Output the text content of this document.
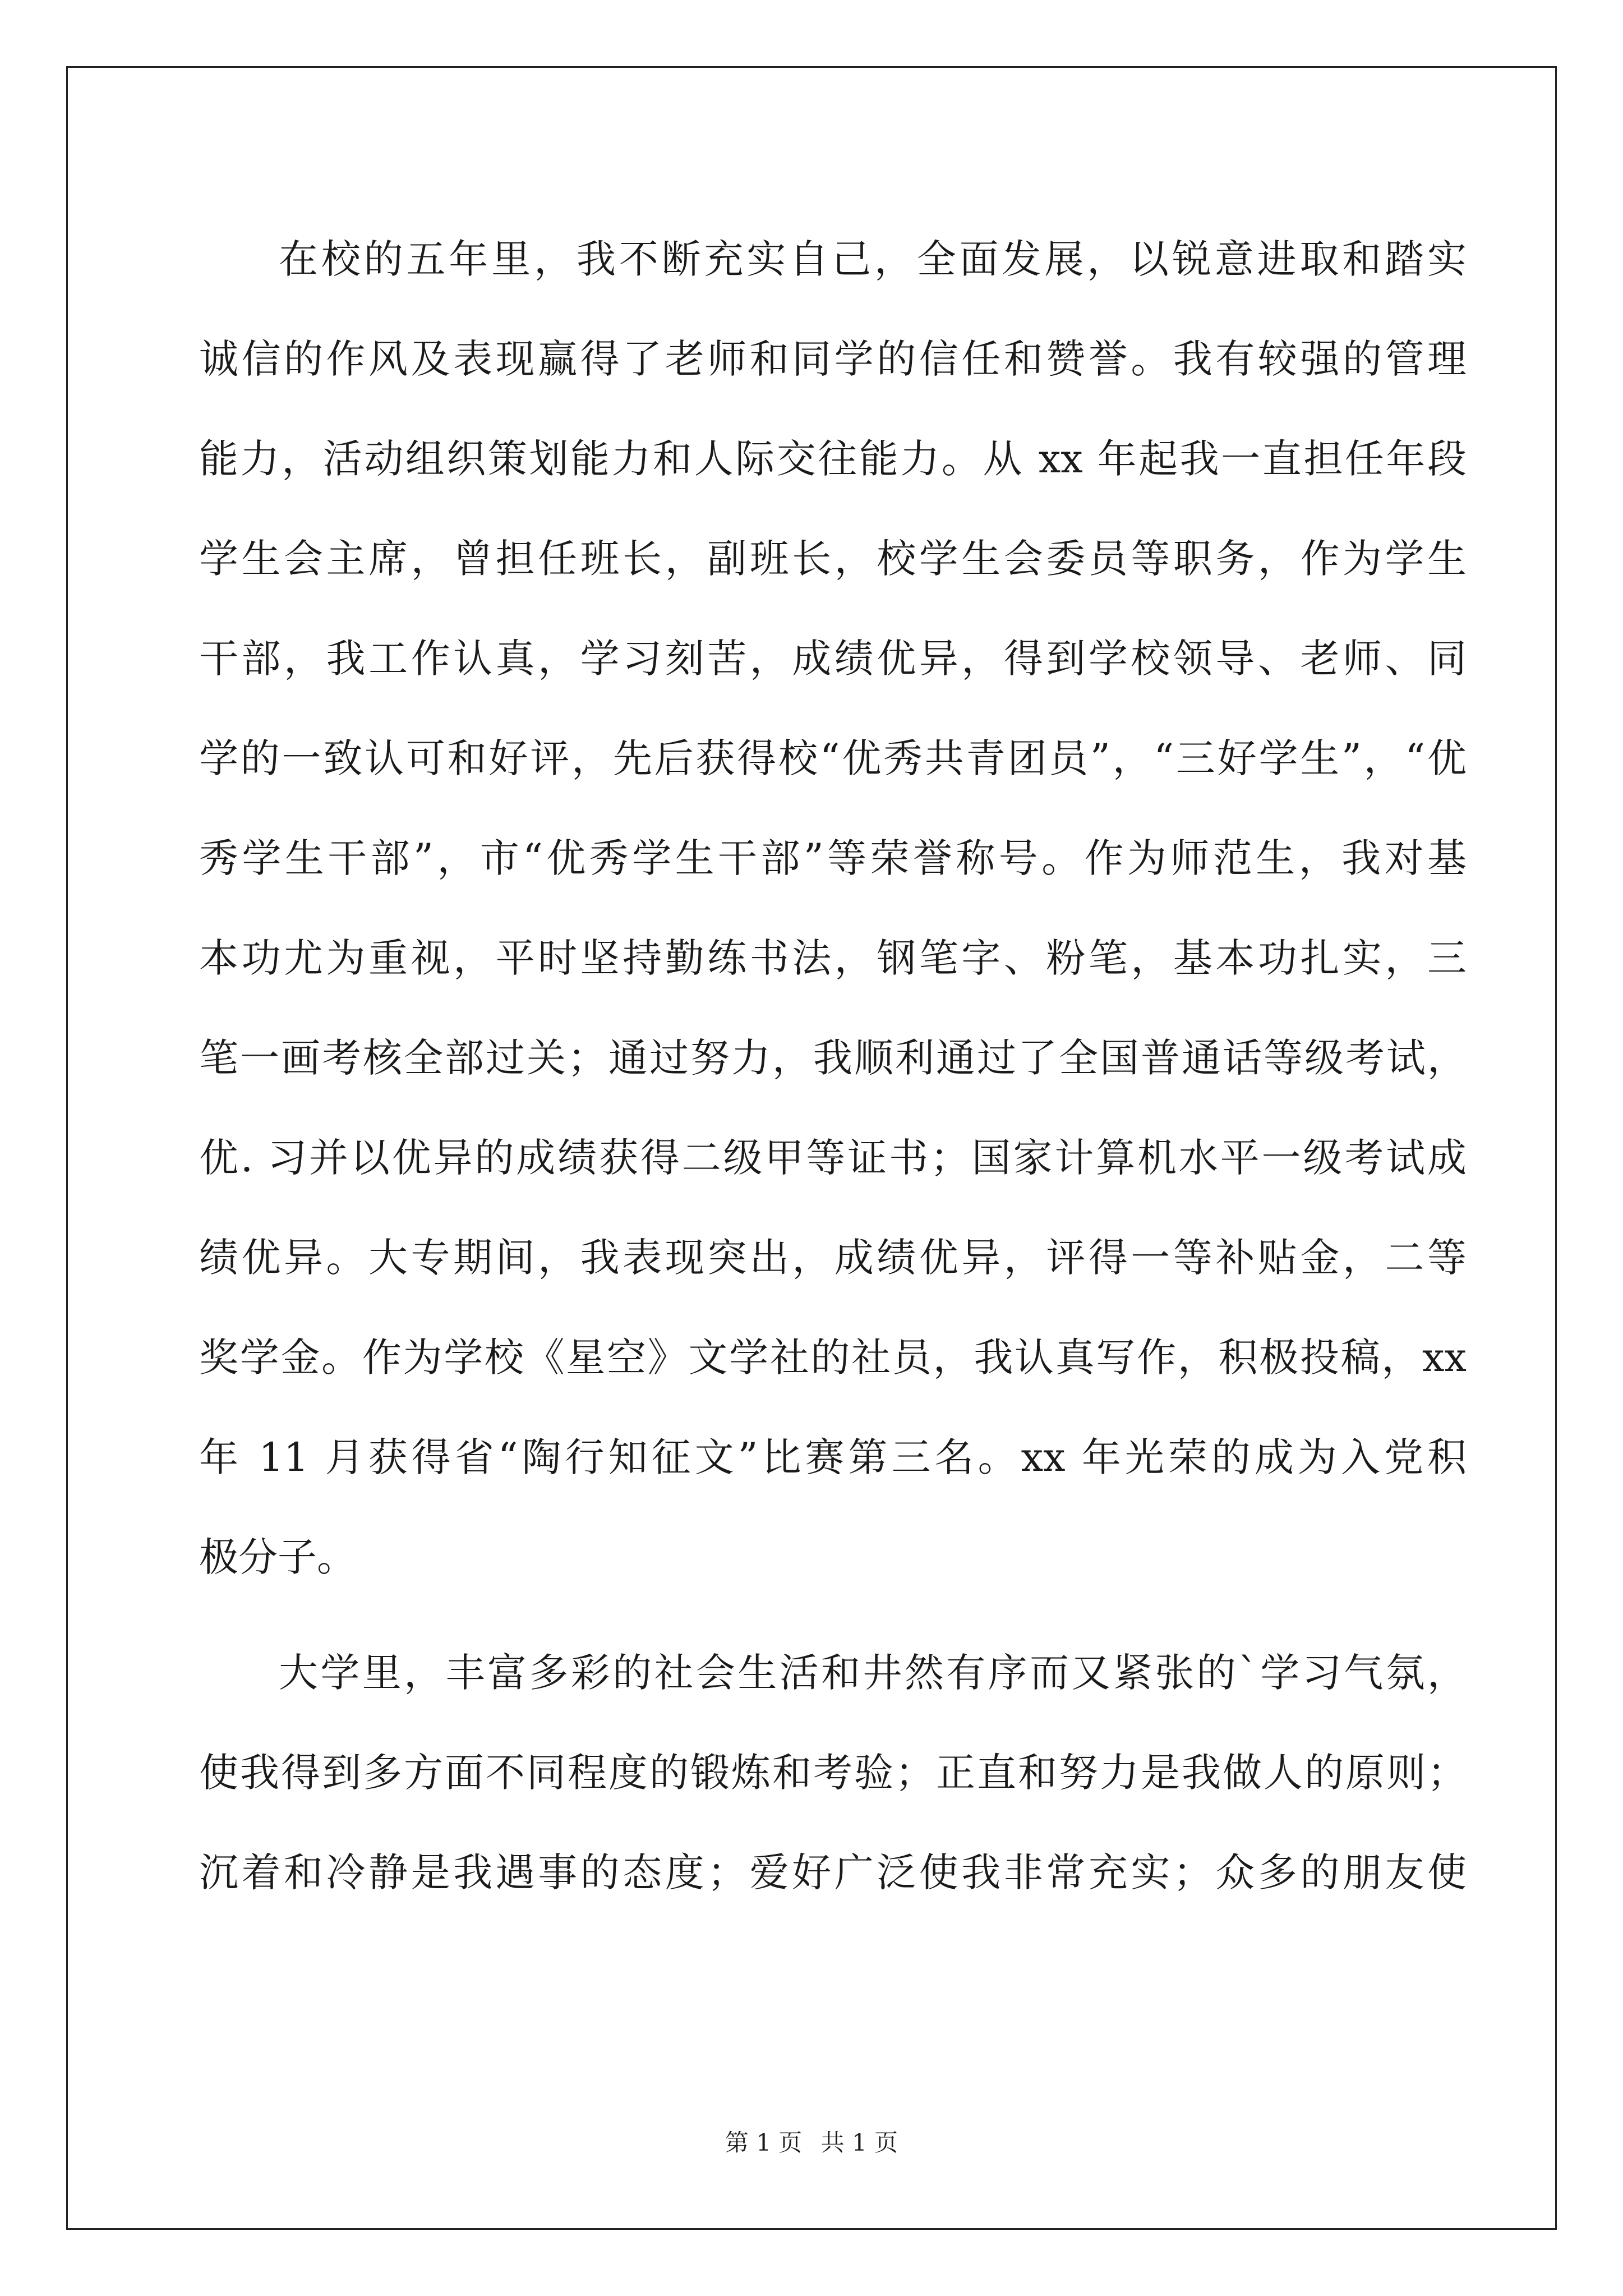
在校的五年里，我不断充实自己，全面发展，以锐意进取和踏实
诚信的作风及表现赢得了老师和同学的信任和赞誉。我有较强的管理
能力，活动组织策划能力和人际交往能力。从 xx 年起我一直担任年段
学生会主席，曾担任班长，副班长，校学生会委员等职务，作为学生
干部，我工作认真，学习刻苦，成绩优异，得到学校领导、老师、同
学的一致认可和好评，先后获得校“优秀共青团员”，“三好学生”，“优
秀学生干部”，市“优秀学生干部”等荣誉称号。作为师范生，我对基
本功尤为重视，平时坚持勤练书法，钢笔字、粉笔，基本功扎实，三
笔一画考核全部过关；通过努力，我顺利通过了全国普通话等级考试，
优. 习并以优异的成绩获得二级甲等证书；国家计算机水平一级考试成
绩优异。大专期间，我表现突出，成绩优异，评得一等补贴金，二等
奖学金。作为学校《星空》文学社的社员，我认真写作，积极投稿，xx
年 11 月获得省“陶行知征文”比赛第三名。xx 年光荣的成为入党积
极分子。
大学里，丰富多彩的社会生活和井然有序而又紧张的`学习气氛，
使我得到多方面不同程度的锻炼和考验；正直和努力是我做人的原则；
沉着和冷静是我遇事的态度；爱好广泛使我非常充实；众多的朋友使
第 1 页 共 1 页
